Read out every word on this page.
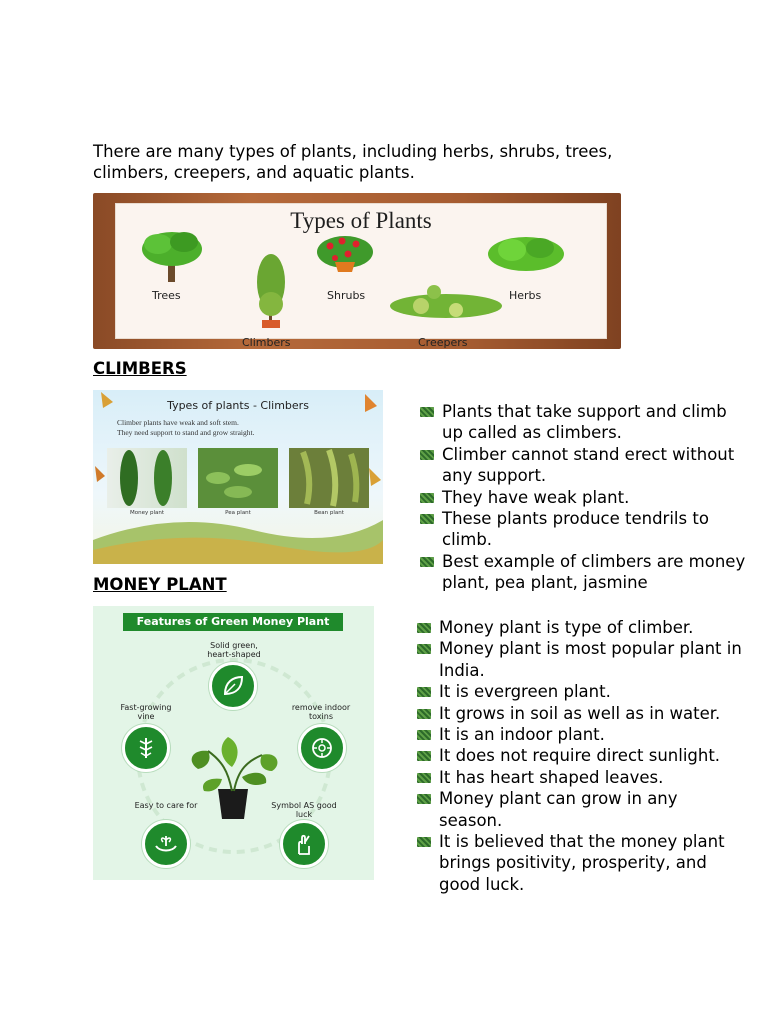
There are many types of plants, including herbs, shrubs, trees, climbers, creepers, and aquatic plants.
Types of Plants
Trees	Shrubs	Herbs
Climbers	Creepers
CLIMBERS
Types of plants - Climbers
Climber plants have weak and soft stem.
They need support to stand and grow straight.
Money plant	Pea plant	Bean plant
Plants that take support and climb up called as climbers.
Climber cannot stand erect without any support.
They have weak plant.
These plants produce tendrils to climb.
Best example of climbers are money plant, pea plant, jasmine
MONEY PLANT
Features of Green Money Plant
Solid green, heart-shaped
Fast-growing vine
remove indoor toxins
Easy to care for	Symbol AS good luck
Money plant is type of climber.
Money plant is most popular plant in India.
It is evergreen plant.
It grows in soil as well as in water.
It is an indoor plant.
It does not require direct sunlight.
It has heart shaped leaves.
Money plant can grow in any season.
It is believed that the money plant brings positivity, prosperity, and good luck.
